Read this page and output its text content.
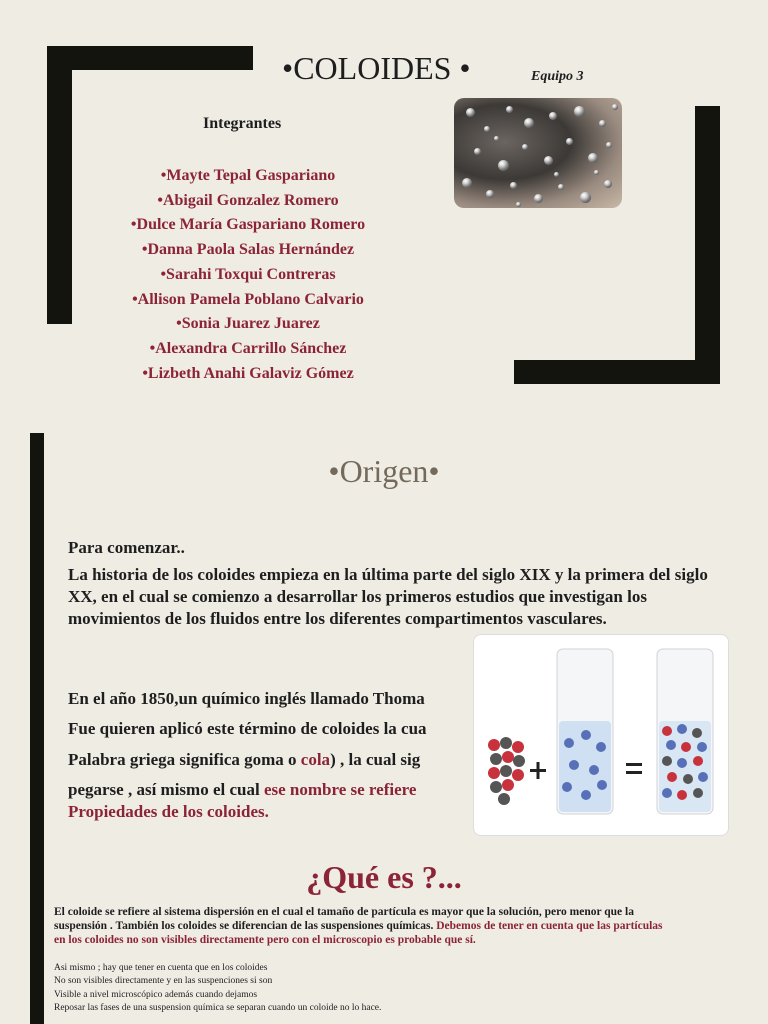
•COLOIDES •	Equipo 3
Integrantes
•Mayte Tepal Gaspariano
•Abigail Gonzalez Romero
•Dulce María Gaspariano Romero
•Danna Paola Salas Hernández
•Sarahi Toxqui Contreras
•Allison Pamela Poblano Calvario
•Sonia Juarez Juarez
•Alexandra Carrillo Sánchez
•Lizbeth Anahi Galaviz Gómez
•Origen•
Para comenzar..
La historia de los coloides empieza en la última parte del siglo XIX y la primera del siglo XX, en el cual se comienzo a desarrollar los primeros estudios que investigan los movimientos de los fluidos entre los diferentes compartimentos vasculares.
En el año 1850,un químico inglés llamado Thoma
Fue quieren aplicó este término de coloides la cua
Palabra griega significa goma o cola) , la cual sig
pegarse , así mismo el cual ese nombre se refiere
Propiedades de los coloides.
¿Qué es ?...
El coloide se refiere al sistema dispersión en el cual el tamaño de partícula es mayor que la solución, pero menor que la suspensión . También los coloides se diferencian de las suspensiones químicas. Debemos de tener en cuenta que las partículas en los coloides no son visibles directamente pero con el microscopio es probable que sí.
Asi mismo ; hay que tener en cuenta que en los coloides
No son visibles directamente y en las suspenciones si son
Visible a nivel microscópico además cuando dejamos
Reposar las fases de una suspension química se separan cuando un coloide no lo hace.
